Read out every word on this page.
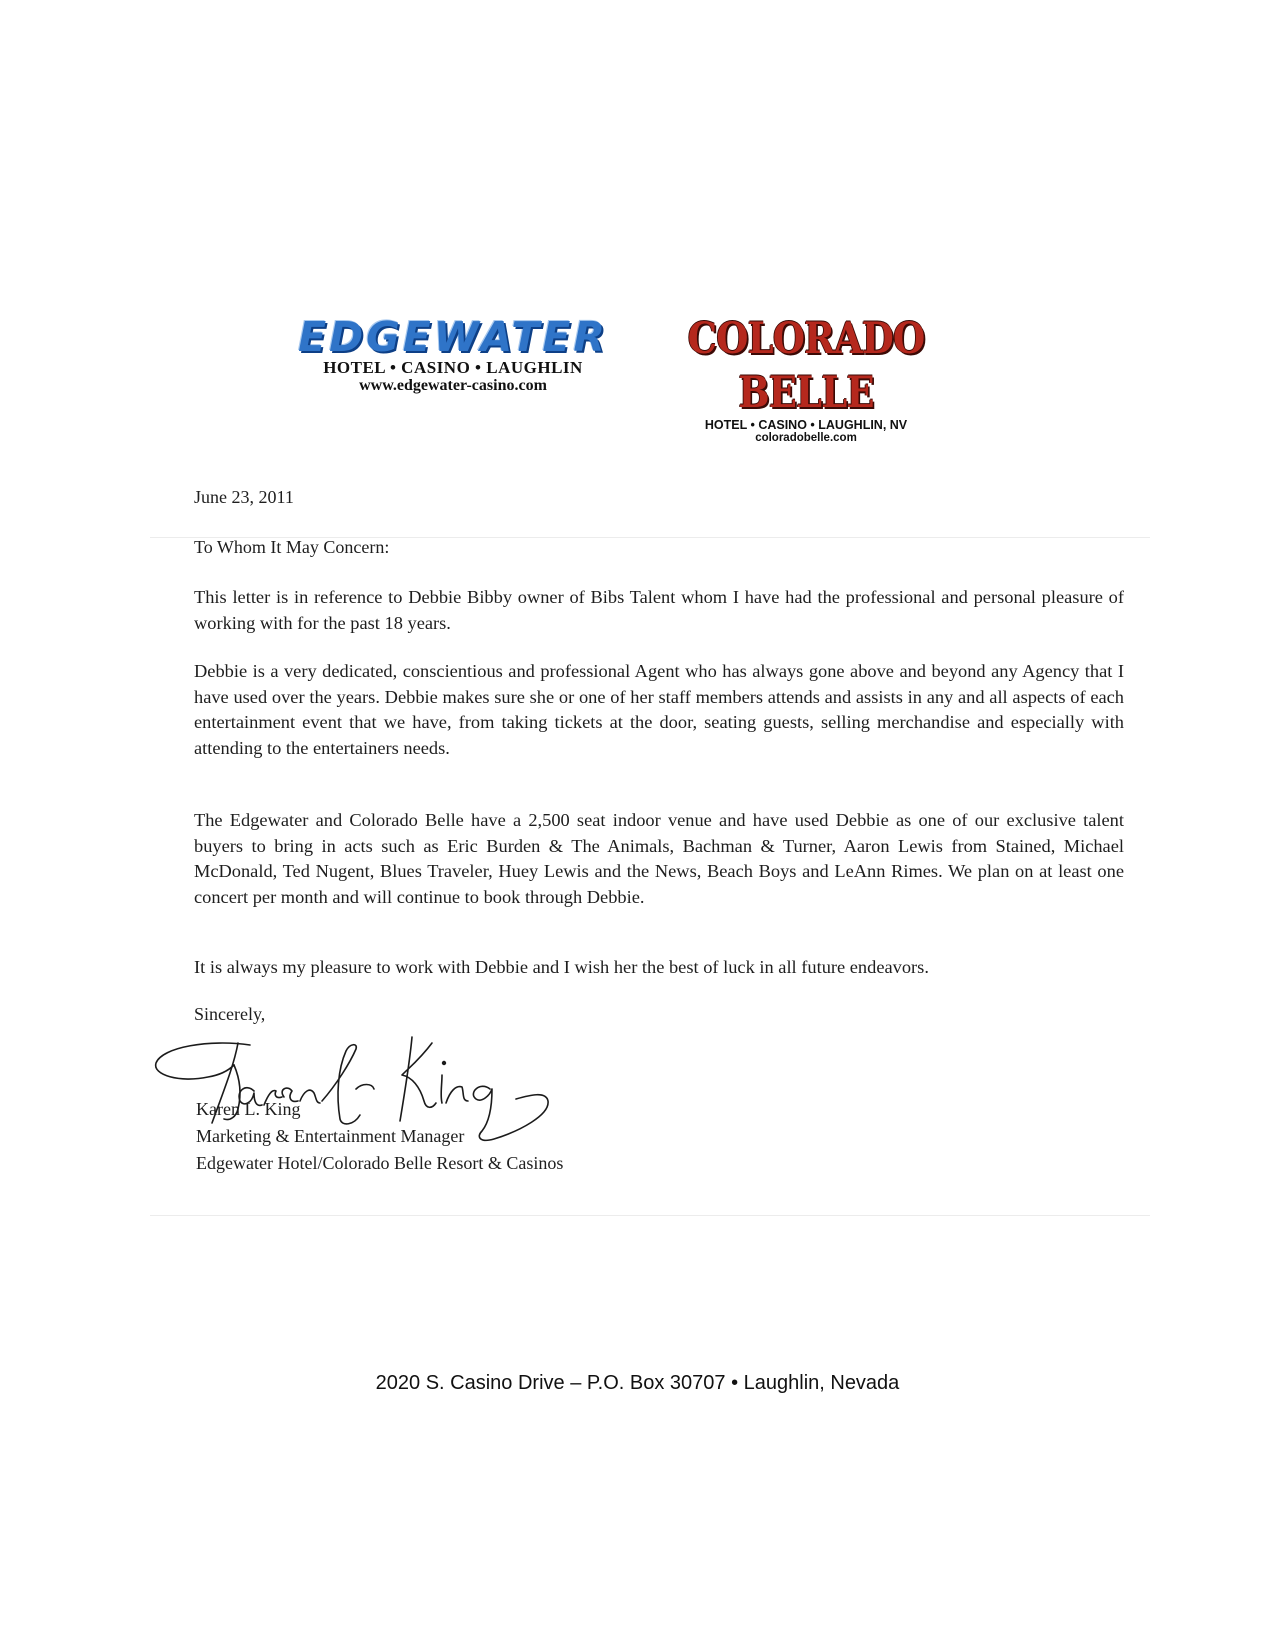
EDGEWATER
HOTEL • CASINO • LAUGHLIN
www.edgewater-casino.com
COLORADO BELLE
HOTEL • CASINO • LAUGHLIN, NV
coloradobelle.com
June 23, 2011
To Whom It May Concern:

This letter is in reference to Debbie Bibby owner of Bibs Talent whom I have had the professional and personal pleasure of working with for the past 18 years.

Debbie is a very dedicated, conscientious and professional Agent who has always gone above and beyond any Agency that I have used over the years. Debbie makes sure she or one of her staff members attends and assists in any and all aspects of each entertainment event that we have, from taking tickets at the door, seating guests, selling merchandise and especially with attending to the entertainers needs.

The Edgewater and Colorado Belle have a 2,500 seat indoor venue and have used Debbie as one of our exclusive talent buyers to bring in acts such as Eric Burden & The Animals, Bachman & Turner, Aaron Lewis from Stained, Michael McDonald, Ted Nugent, Blues Traveler, Huey Lewis and the News, Beach Boys and LeAnn Rimes. We plan on at least one concert per month and will continue to book through Debbie.

It is always my pleasure to work with Debbie and I wish her the best of luck in all future endeavors.

Sincerely,
Karen L. King
Marketing & Entertainment Manager
Edgewater Hotel/Colorado Belle Resort & Casinos
2020 S. Casino Drive – P.O. Box 30707 • Laughlin, Nevada
